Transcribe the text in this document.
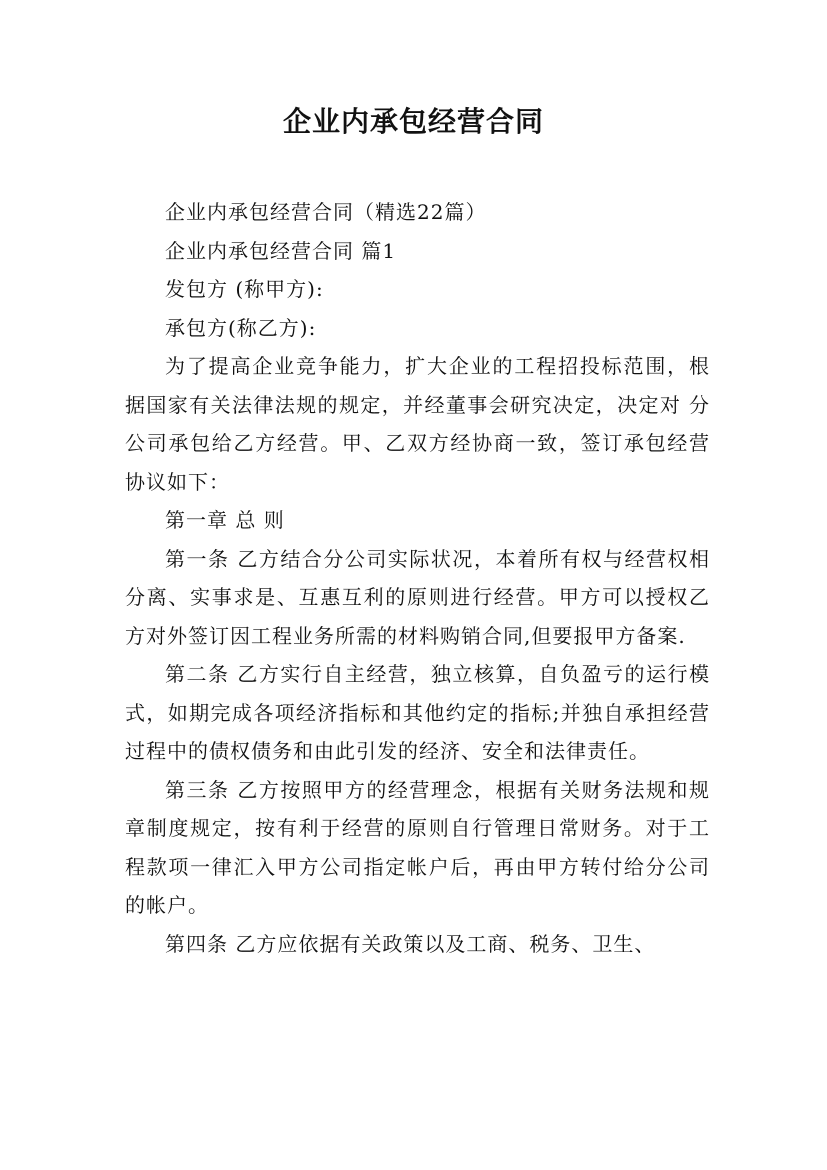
企业内承包经营合同

企业内承包经营合同（精选22篇）

企业内承包经营合同 篇1

发包方 (称甲方):

承包方(称乙方):

为了提高企业竞争能力，扩大企业的工程招投标范围，根据国家有关法律法规的规定，并经董事会研究决定，决定对 分公司承包给乙方经营。甲、乙双方经协商一致，签订承包经营协议如下：

第一章 总 则

第一条 乙方结合分公司实际状况，本着所有权与经营权相分离、实事求是、互惠互利的原则进行经营。甲方可以授权乙方对外签订因工程业务所需的材料购销合同,但要报甲方备案.

第二条 乙方实行自主经营，独立核算，自负盈亏的运行模式，如期完成各项经济指标和其他约定的指标;并独自承担经营过程中的债权债务和由此引发的经济、安全和法律责任。

第三条 乙方按照甲方的经营理念，根据有关财务法规和规章制度规定，按有利于经营的原则自行管理日常财务。对于工程款项一律汇入甲方公司指定帐户后，再由甲方转付给分公司的帐户。

第四条 乙方应依据有关政策以及工商、税务、卫生、
